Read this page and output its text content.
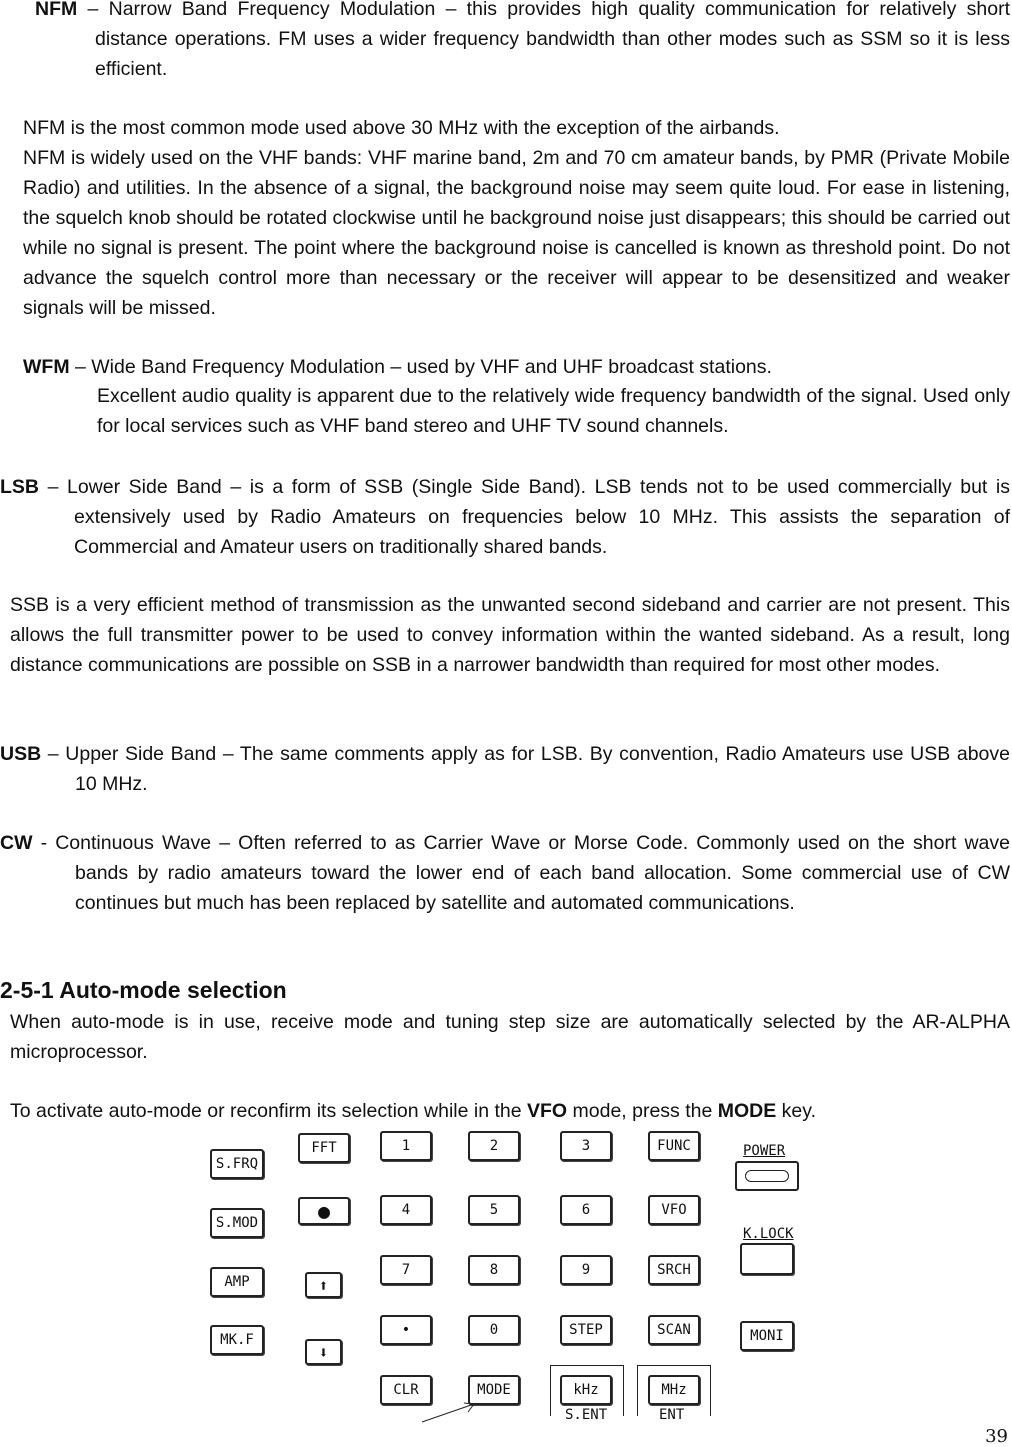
NFM – Narrow Band Frequency Modulation – this provides high quality communication for relatively short distance operations. FM uses a wider frequency bandwidth than other modes such as SSM so it is less efficient.

NFM is the most common mode used above 30 MHz with the exception of the airbands.

NFM is widely used on the VHF bands: VHF marine band, 2m and 70 cm amateur bands, by PMR (Private Mobile Radio) and utilities. In the absence of a signal, the background noise may seem quite loud. For ease in listening, the squelch knob should be rotated clockwise until he background noise just disappears; this should be carried out while no signal is present. The point where the background noise is cancelled is known as threshold point. Do not advance the squelch control more than necessary or the receiver will appear to be desensitized and weaker signals will be missed.

WFM – Wide Band Frequency Modulation – used by VHF and UHF broadcast stations.

Excellent audio quality is apparent due to the relatively wide frequency bandwidth of the signal. Used only for local services such as VHF band stereo and UHF TV sound channels.

LSB – Lower Side Band – is a form of SSB (Single Side Band). LSB tends not to be used commercially but is extensively used by Radio Amateurs on frequencies below 10 MHz. This assists the separation of Commercial and Amateur users on traditionally shared bands.

SSB is a very efficient method of transmission as the unwanted second sideband and carrier are not present. This allows the full transmitter power to be used to convey information within the wanted sideband. As a result, long distance communications are possible on SSB in a narrower bandwidth than required for most other modes.

USB – Upper Side Band – The same comments apply as for LSB. By convention, Radio Amateurs use USB above 10 MHz.

CW - Continuous Wave – Often referred to as Carrier Wave or Morse Code. Commonly used on the short wave bands by radio amateurs toward the lower end of each band allocation. Some commercial use of CW continues but much has been replaced by satellite and automated communications.

2-5-1 Auto-mode selection

When auto-mode is in use, receive mode and tuning step size are automatically selected by the AR-ALPHA microprocessor.

To activate auto-mode or reconfirm its selection while in the VFO mode, press the MODE key.

S.FRQ
S.MOD
AMP
MK.F
FFT
●
⬆
⬇
1
4
7
•
CLR
2
5
8
0
MODE
3
6
9
STEP
kHz
S.ENT
FUNC
VFO
SRCH
SCAN
MHz
ENT
POWER
K.LOCK
MONI
39
